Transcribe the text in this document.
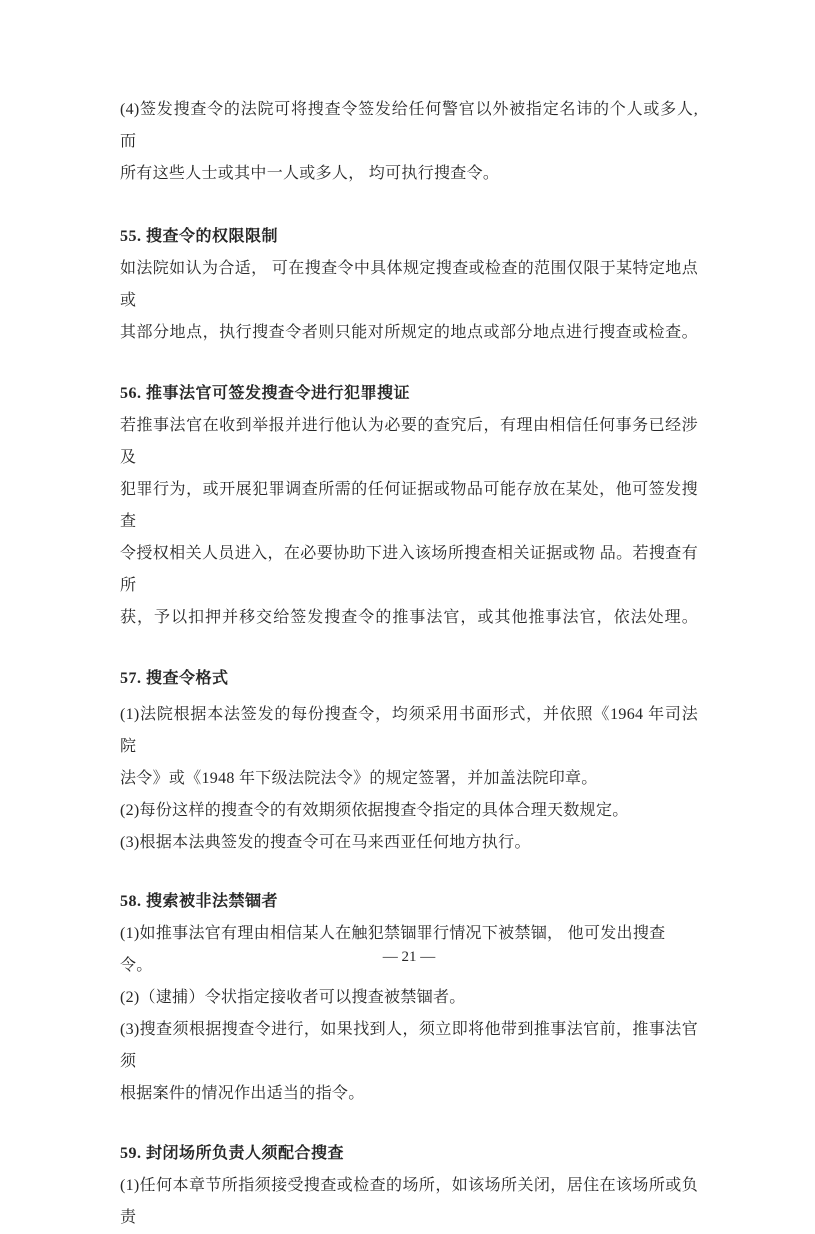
(4)签发搜查令的法院可将搜查令签发给任何警官以外被指定名讳的个人或多人,而
所有这些人士或其中一人或多人， 均可执行搜查令。
55. 搜查令的权限限制
如法院如认为合适， 可在搜查令中具体规定搜查或检查的范围仅限于某特定地点或
其部分地点，执行搜查令者则只能对所规定的地点或部分地点进行搜查或检查。
56. 推事法官可签发搜查令进行犯罪搜证
若推事法官在收到举报并进行他认为必要的查究后，有理由相信任何事务已经涉及
犯罪行为，或开展犯罪调查所需的任何证据或物品可能存放在某处，他可签发搜查
令授权相关人员进入，在必要协助下进入该场所搜查相关证据或物 品。若搜查有所
获，予以扣押并移交给签发搜查令的推事法官，或其他推事法官，依法处理。
57. 搜查令格式
(1)法院根据本法签发的每份搜查令，均须采用书面形式，并依照《1964 年司法院
法令》或《1948 年下级法院法令》的规定签署，并加盖法院印章。
(2)每份这样的搜查令的有效期须依据搜查令指定的具体合理天数规定。
(3)根据本法典签发的搜查令可在马来西亚任何地方执行。
58. 搜索被非法禁锢者
(1)如推事法官有理由相信某人在触犯禁锢罪行情况下被禁锢， 他可发出搜查令。
(2)（逮捕）令状指定接收者可以搜查被禁锢者。
(3)搜查须根据搜查令进行，如果找到人，须立即将他带到推事法官前，推事法官须
根据案件的情况作出适当的指令。
59. 封闭场所负责人须配合搜查
(1)任何本章节所指须接受搜查或检查的场所，如该场所关闭，居住在该场所或负责
— 21 —
